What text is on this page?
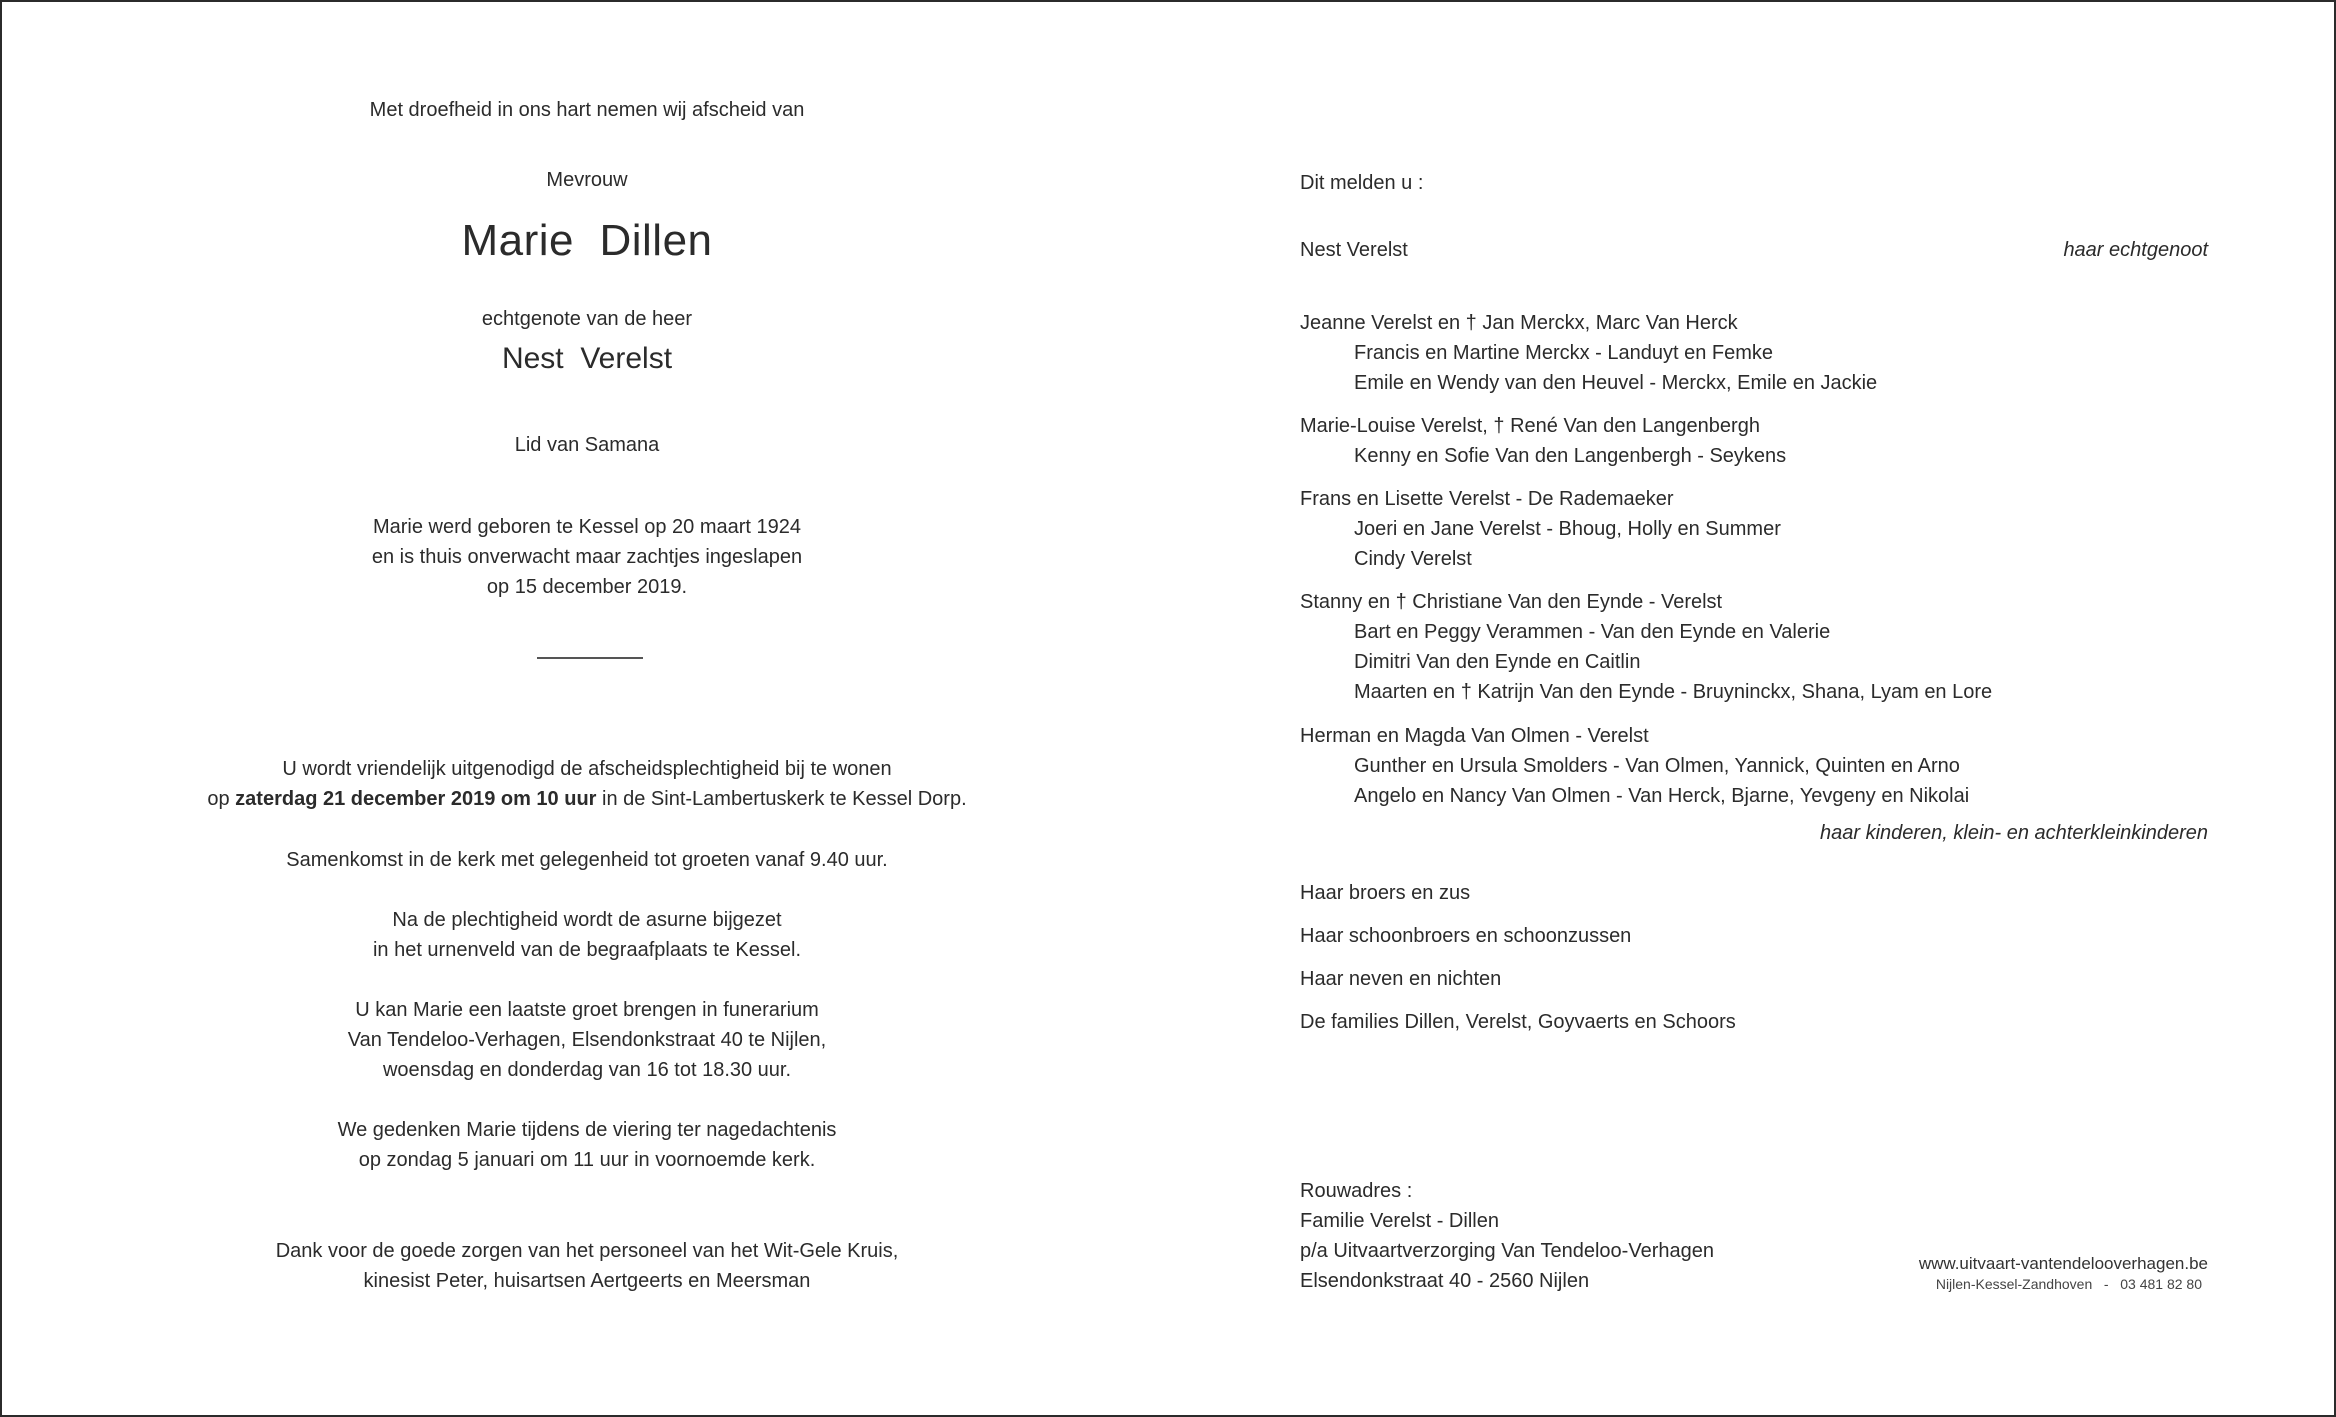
Met droefheid in ons hart nemen wij afscheid van
Mevrouw
Marie Dillen
echtgenote van de heer
Nest Verelst
Lid van Samana
Marie werd geboren te Kessel op 20 maart 1924
en is thuis onverwacht maar zachtjes ingeslapen
op 15 december 2019.
U wordt vriendelijk uitgenodigd de afscheidsplechtigheid bij te wonen
op zaterdag 21 december 2019 om 10 uur in de Sint-Lambertuskerk te Kessel Dorp.
Samenkomst in de kerk met gelegenheid tot groeten vanaf 9.40 uur.
Na de plechtigheid wordt de asurne bijgezet
in het urnenveld van de begraafplaats te Kessel.
U kan Marie een laatste groet brengen in funerarium
Van Tendeloo-Verhagen, Elsendonkstraat 40 te Nijlen,
woensdag en donderdag van 16 tot 18.30 uur.
We gedenken Marie tijdens de viering ter nagedachtenis
op zondag 5 januari om 11 uur in voornoemde kerk.
Dank voor de goede zorgen van het personeel van het Wit-Gele Kruis,
kinesist Peter, huisartsen Aertgeerts en Meersman
Dit melden u :
Nest Verelst	haar echtgenoot
Jeanne Verelst en † Jan Merckx, Marc Van Herck
Francis en Martine Merckx - Landuyt en Femke
Emile en Wendy van den Heuvel - Merckx, Emile en Jackie
Marie-Louise Verelst, † René Van den Langenbergh
Kenny en Sofie Van den Langenbergh - Seykens
Frans en Lisette Verelst - De Rademaeker
Joeri en Jane Verelst - Bhoug, Holly en Summer
Cindy Verelst
Stanny en † Christiane Van den Eynde - Verelst
Bart en Peggy Verammen - Van den Eynde en Valerie
Dimitri Van den Eynde en Caitlin
Maarten en † Katrijn Van den Eynde - Bruyninckx, Shana, Lyam en Lore
Herman en Magda Van Olmen - Verelst
Gunther en Ursula Smolders - Van Olmen, Yannick, Quinten en Arno
Angelo en Nancy Van Olmen - Van Herck, Bjarne, Yevgeny en Nikolai
haar kinderen, klein- en achterkleinkinderen
Haar broers en zus
Haar schoonbroers en schoonzussen
Haar neven en nichten
De families Dillen, Verelst, Goyvaerts en Schoors
Rouwadres :
Familie Verelst - Dillen
p/a Uitvaartverzorging Van Tendeloo-Verhagen
Elsendonkstraat 40 - 2560 Nijlen
www.uitvaart-vantendelooverhagen.be
Nijlen-Kessel-Zandhoven   -   03 481 82 80
